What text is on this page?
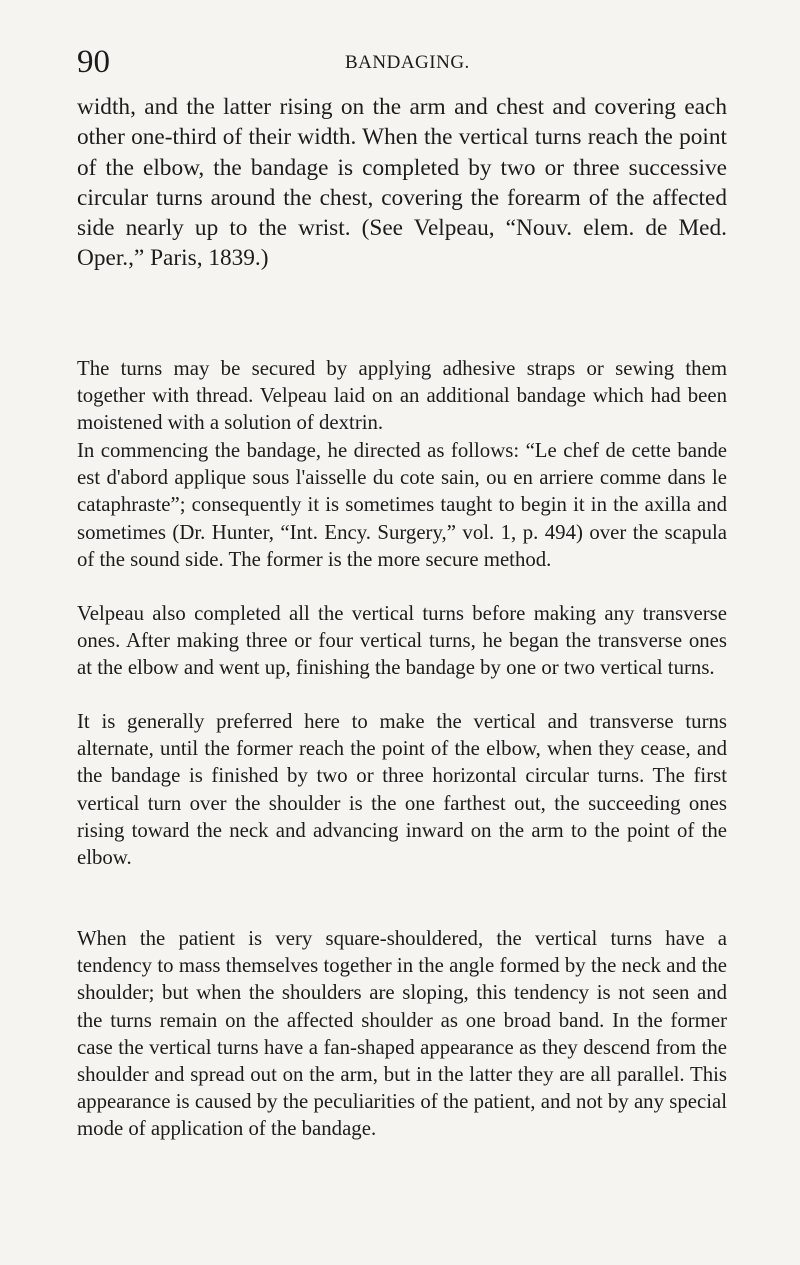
90	BANDAGING.

width, and the latter rising on the arm and chest and covering each other one-third of their width. When the vertical turns reach the point of the elbow, the bandage is completed by two or three successive circular turns around the chest, covering the forearm of the affected side nearly up to the wrist. (See Velpeau, “Nouv. elem. de Med. Oper.,” Paris, 1839.)

The turns may be secured by applying adhesive straps or sewing them together with thread. Velpeau laid on an additional bandage which had been moistened with a solution of dextrin.

In commencing the bandage, he directed as follows: “Le chef de cette bande est d'abord applique sous l'aisselle du cote sain, ou en arriere comme dans le cataphraste”; consequently it is sometimes taught to begin it in the axilla and sometimes (Dr. Hunter, “Int. Ency. Surgery,” vol. 1, p. 494) over the scapula of the sound side. The former is the more secure method.

Velpeau also completed all the vertical turns before making any transverse ones. After making three or four vertical turns, he began the transverse ones at the elbow and went up, finishing the bandage by one or two vertical turns.

It is generally preferred here to make the vertical and transverse turns alternate, until the former reach the point of the elbow, when they cease, and the bandage is finished by two or three horizontal circular turns. The first vertical turn over the shoulder is the one farthest out, the succeeding ones rising toward the neck and advancing inward on the arm to the point of the elbow.

When the patient is very square-shouldered, the vertical turns have a tendency to mass themselves together in the angle formed by the neck and the shoulder; but when the shoulders are sloping, this tendency is not seen and the turns remain on the affected shoulder as one broad band. In the former case the vertical turns have a fan-shaped appearance as they descend from the shoulder and spread out on the arm, but in the latter they are all parallel. This appearance is caused by the peculiarities of the patient, and not by any special mode of application of the bandage.
